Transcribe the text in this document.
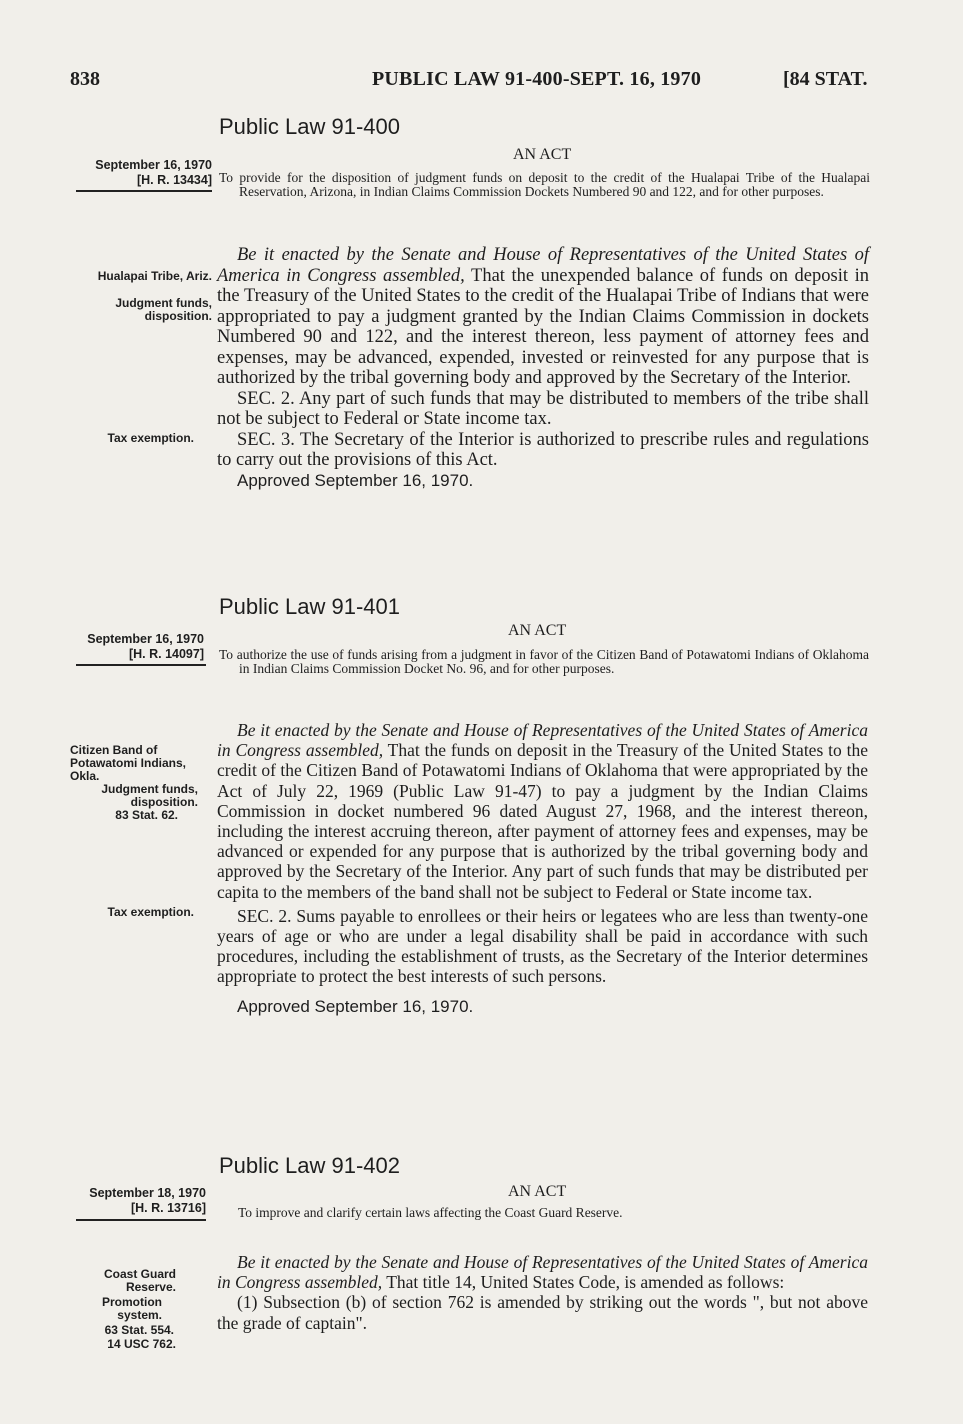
838	PUBLIC LAW 91-400-SEPT. 16, 1970	[84 STAT.
Public Law 91-400
AN ACT
September 16, 1970
[H. R. 13434] To provide for the disposition of judgment funds on deposit to the credit of the Hualapai Tribe of the Hualapai Reservation, Arizona, in Indian Claims Commission Dockets Numbered 90 and 122, and for other purposes.

Hualapai Tribe, Ariz.
Judgment funds, disposition.
Tax exemption.

Be it enacted by the Senate and House of Representatives of the United States of America in Congress assembled, That the unexpended balance of funds on deposit in the Treasury of the United States to the credit of the Hualapai Tribe of Indians that were appropriated to pay a judgment granted by the Indian Claims Commission in dockets Numbered 90 and 122, and the interest thereon, less payment of attorney fees and expenses, may be advanced, expended, invested or reinvested for any purpose that is authorized by the tribal governing body and approved by the Secretary of the Interior.

SEC. 2. Any part of such funds that may be distributed to members of the tribe shall not be subject to Federal or State income tax.

SEC. 3. The Secretary of the Interior is authorized to prescribe rules and regulations to carry out the provisions of this Act.

Approved September 16, 1970.

Public Law 91-401
AN ACT
September 16, 1970
[H. R. 14097] To authorize the use of funds arising from a judgment in favor of the Citizen Band of Potawatomi Indians of Oklahoma in Indian Claims Commission Docket No. 96, and for other purposes.

Citizen Band of Potawatomi Indians, Okla.
Judgment funds, disposition.
83 Stat. 62.
Tax exemption.

Be it enacted by the Senate and House of Representatives of the United States of America in Congress assembled, That the funds on deposit in the Treasury of the United States to the credit of the Citizen Band of Potawatomi Indians of Oklahoma that were appropriated by the Act of July 22, 1969 (Public Law 91-47) to pay a judgment by the Indian Claims Commission in docket numbered 96 dated August 27, 1968, and the interest thereon, including the interest accruing thereon, after payment of attorney fees and expenses, may be advanced or expended for any purpose that is authorized by the tribal governing body and approved by the Secretary of the Interior. Any part of such funds that may be distributed per capita to the members of the band shall not be subject to Federal or State income tax.

SEC. 2. Sums payable to enrollees or their heirs or legatees who are less than twenty-one years of age or who are under a legal disability shall be paid in accordance with such procedures, including the establishment of trusts, as the Secretary of the Interior determines appropriate to protect the best interests of such persons.

Approved September 16, 1970.

Public Law 91-402
AN ACT
September 18, 1970
[H. R. 13716] To improve and clarify certain laws affecting the Coast Guard Reserve.
Coast Guard Reserve.
Promotion system.
63 Stat. 554.
14 USC 762.

Be it enacted by the Senate and House of Representatives of the United States of America in Congress assembled, That title 14, United States Code, is amended as follows:

(1) Subsection (b) of section 762 is amended by striking out the words ", but not above the grade of captain".
